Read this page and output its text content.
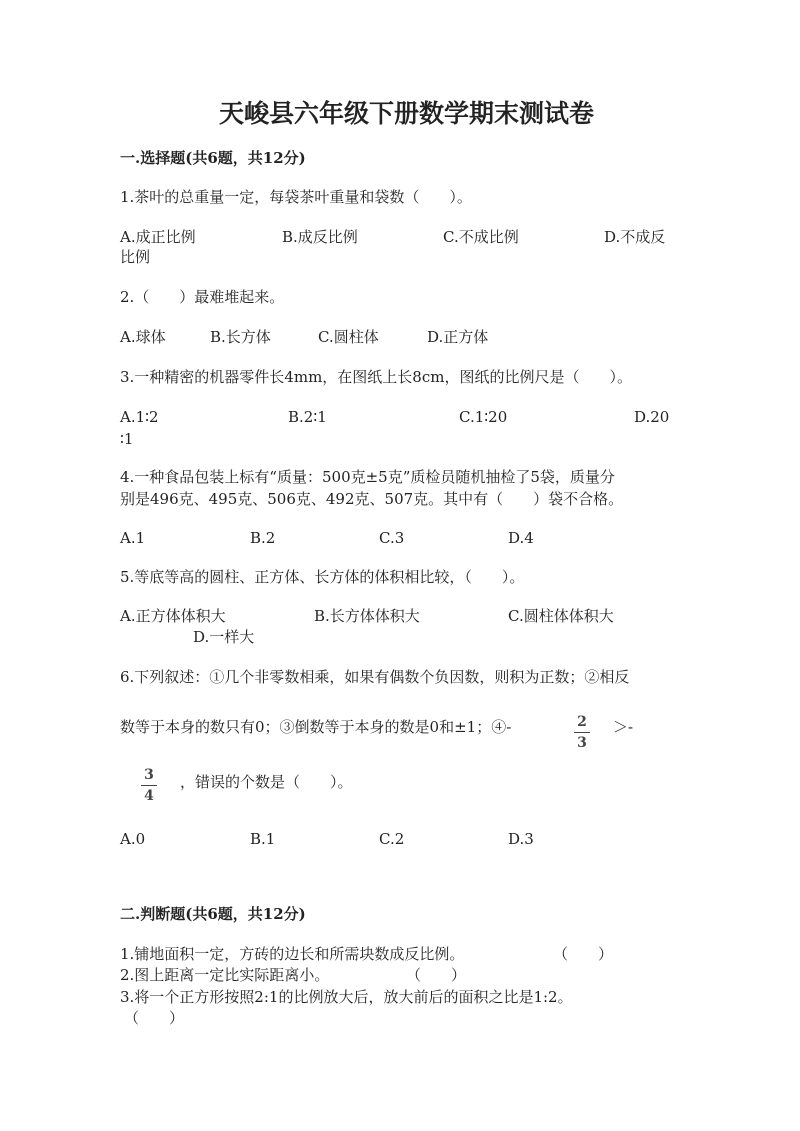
天峻县六年级下册数学期末测试卷
一.选择题(共6题，共12分)
1.茶叶的总重量一定，每袋茶叶重量和袋数（　　）。
A.成正比例	B.成反比例	C.不成比例	D.不成反
比例
2.（　　）最难堆起来。
A.球体	B.长方体	C.圆柱体	D.正方体
3.一种精密的机器零件长4mm，在图纸上长8cm，图纸的比例尺是（　　）。
A.1∶2	B.2∶1	C.1∶20	D.20
∶1
4.一种食品包装上标有“质量：500克±5克”质检员随机抽检了5袋，质量分
别是496克、495克、506克、492克、507克。其中有（　　）袋不合格。
A.1	B.2	C.3	D.4
5.等底等高的圆柱、正方体、长方体的体积相比较，（　　）。
A.正方体体积大	B.长方体体积大	C.圆柱体体积大
D.一样大
6.下列叙述：①几个非零数相乘，如果有偶数个负因数，则积为正数；②相反
数等于本身的数只有0；③倒数等于本身的数是0和±1；④-	2
3
＞-
3
4
，错误的个数是（　　）。
A.0	B.1	C.2	D.3
二.判断题(共6题，共12分)
1.铺地面积一定，方砖的边长和所需块数成反比例。	（　　）
2.图上距离一定比实际距离小。	（　　）
3.将一个正方形按照2:1的比例放大后，放大前后的面积之比是1:2。
（　　）
